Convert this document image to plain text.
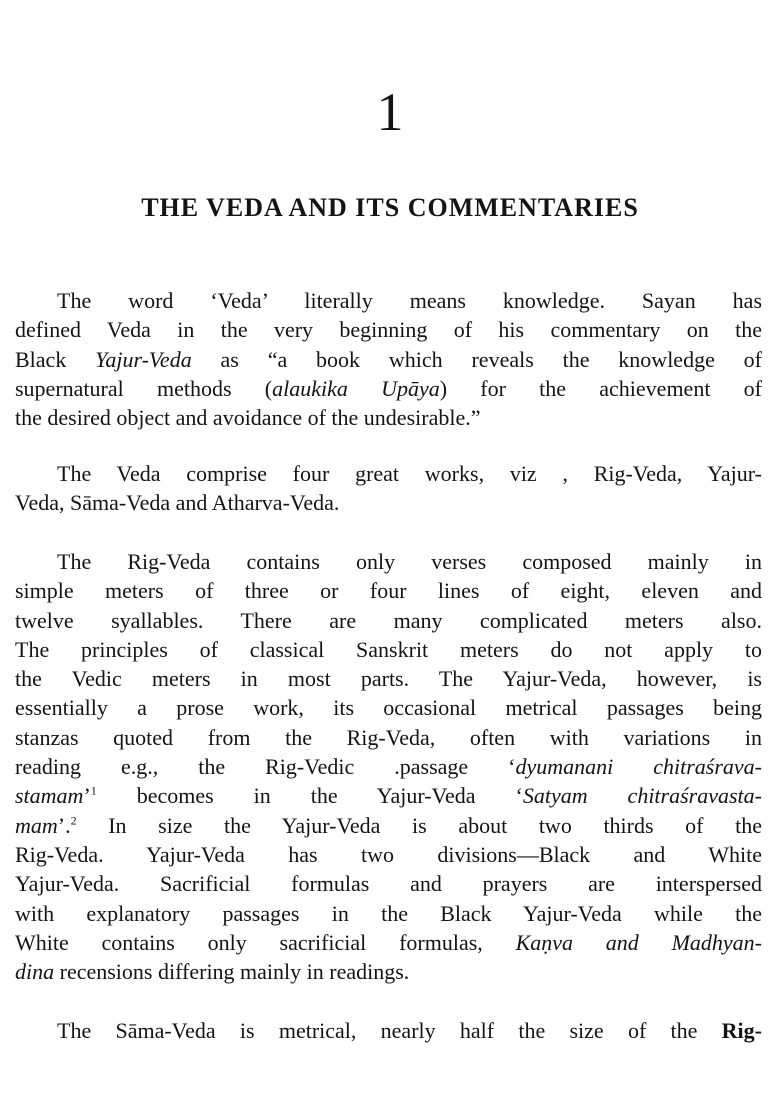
1
THE VEDA AND ITS COMMENTARIES
The word ‘Veda’ literally means knowledge. Sayan has
defined Veda in the very beginning of his commentary on the
Black Yajur-Veda as “a book which reveals the knowledge of
supernatural methods (alaukika Upāya) for the achievement of
the desired object and avoidance of the undesirable.”
The Veda comprise four great works, viz , Rig-Veda, Yajur-
Veda, Sāma-Veda and Atharva-Veda.
The Rig-Veda contains only verses composed mainly in
simple meters of three or four lines of eight, eleven and
twelve syallables. There are many complicated meters also.
The principles of classical Sanskrit meters do not apply to
the Vedic meters in most parts. The Yajur-Veda, however, is
essentially a prose work, its occasional metrical passages being
stanzas quoted from the Rig-Veda, often with variations in
reading e.g., the Rig-Vedic .passage ‘dyumanani chitraśrava-
stamam’$^1$ becomes in the Yajur-Veda ‘Satyam chitraśravasta-
mam’.$^2$ In size the Yajur-Veda is about two thirds of the
Rig-Veda. Yajur-Veda has two divisions—Black and White
Yajur-Veda. Sacrificial formulas and prayers are interspersed
with explanatory passages in the Black Yajur-Veda while the
White contains only sacrificial formulas, Kaṇva and Madhyan-
dina recensions differing mainly in readings.
The Sāma-Veda is metrical, nearly half the size of the Rig-
